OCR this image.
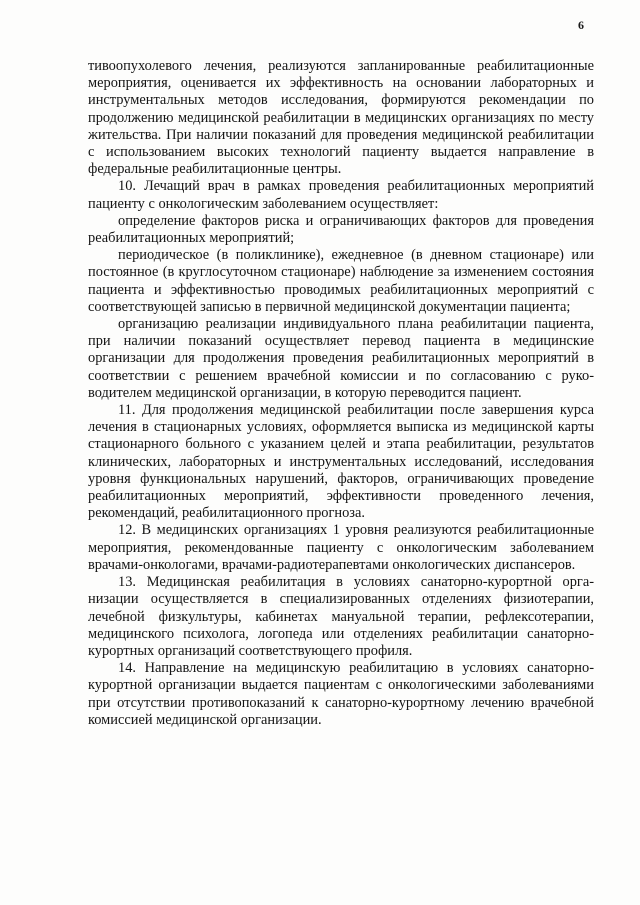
6

тивоопухолевого лечения, реализуются запланированные реабилитационные мероприятия, оценивается их эффективность на основании лабораторных и инструментальных методов исследования, формируются рекомендации по продолжению медицинской реабилитации в медицинских организациях по месту жительства. При наличии показаний для проведения медицинской реабилитации с использованием высоких технологий пациенту выдается направление в федеральные реабилитационные центры.

10. Лечащий врач в рамках проведения реабилитационных мероприятий пациенту с онкологическим заболеванием осуществляет:

определение факторов риска и ограничивающих факторов для проведения реабилитационных мероприятий;

периодическое (в поликлинике), ежедневное (в дневном стационаре) или постоянное (в круглосуточном стационаре) наблюдение за изменением состояния пациента и эффективностью проводимых реабилитационных мероприятий с соответствующей записью в первичной медицинской документации пациента;

организацию реализации индивидуального плана реабилитации пациента, при наличии показаний осуществляет перевод пациента в медицинские организации для продолжения проведения реабилитационных мероприятий в соответствии с решением врачебной комиссии и по согласованию с руководителем медицинской организации, в которую переводится пациент.

11. Для продолжения медицинской реабилитации после завершения курса лечения в стационарных условиях, оформляется выписка из медицинской карты стационарного больного с указанием целей и этапа реабилитации, результатов клинических, лабораторных и инструментальных исследований, исследования уровня функциональных нарушений, факторов, ограничивающих проведение реабилитационных мероприятий, эффективности проведенного лечения, рекомендаций, реабилитационного прогноза.

12. В медицинских организациях 1 уровня реализуются реабилитационные мероприятия, рекомендованные пациенту с онкологическим заболеванием врачами-онкологами, врачами-радиотерапевтами онкологических диспансеров.

13. Медицинская реабилитация в условиях санаторно-курортной организации осуществляется в специализированных отделениях физиотерапии, лечебной физкультуры, кабинетах мануальной терапии, рефлексотерапии, медицинского психолога, логопеда или отделениях реабилитации санаторно-курортных организаций соответствующего профиля.

14. Направление на медицинскую реабилитацию в условиях санаторно-курортной организации выдается пациентам с онкологическими заболеваниями при отсутствии противопоказаний к санаторно-курортному лечению врачебной комиссией медицинской организации.
